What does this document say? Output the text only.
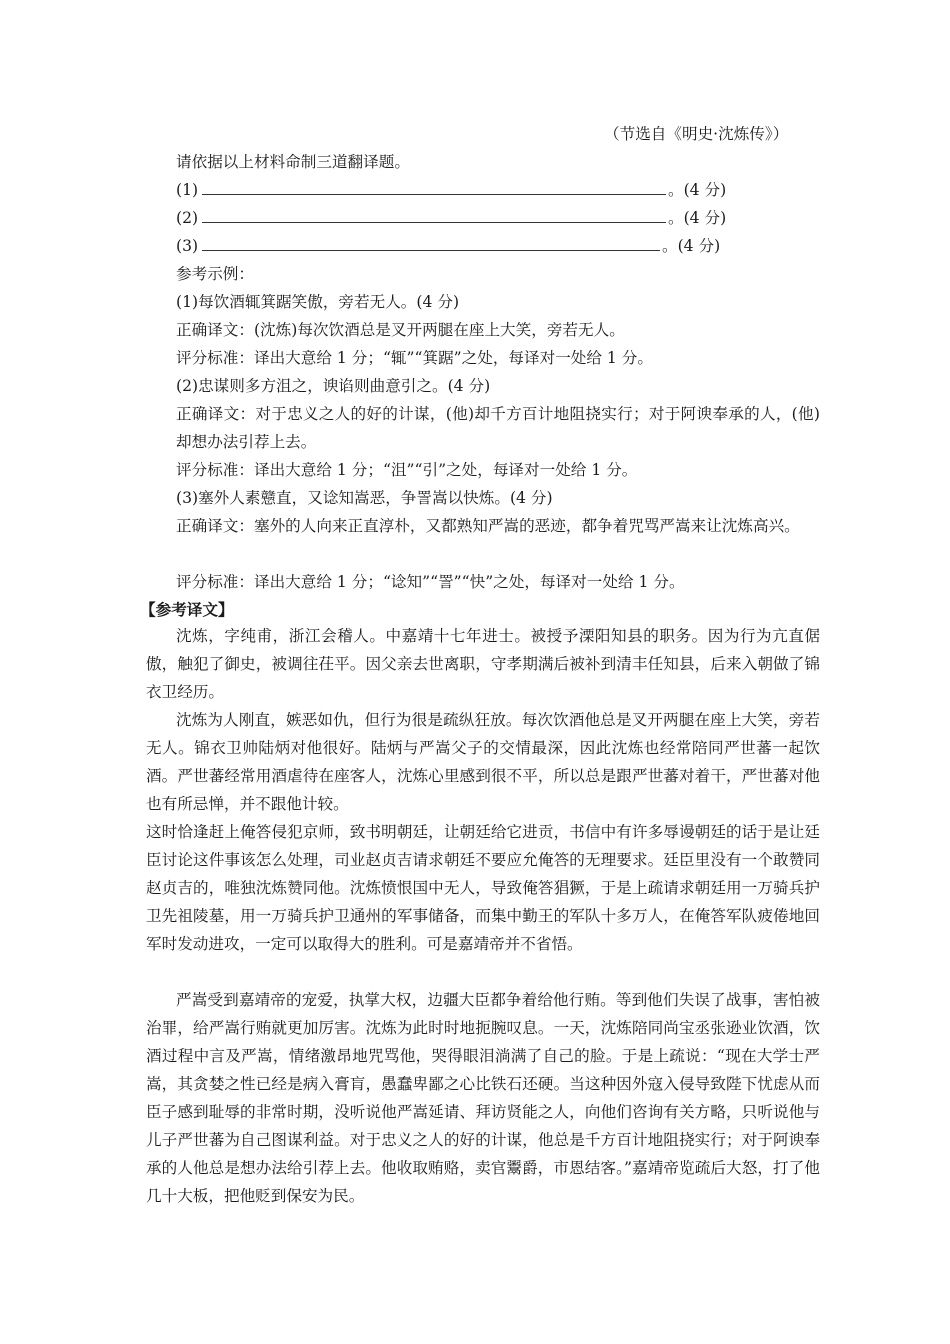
（节选自《明史·沈炼传》）
请依据以上材料命制三道翻译题。
(1)	。(4 分)
(2)	。(4 分)
(3)	。(4 分)
参考示例：
(1)每饮酒辄箕踞笑傲，旁若无人。(4 分)
正确译文：(沈炼)每次饮酒总是叉开两腿在座上大笑，旁若无人。
评分标准：译出大意给 1 分；“辄”“箕踞”之处，每译对一处给 1 分。
(2)忠谋则多方沮之，谀谄则曲意引之。(4 分)
正确译文：对于忠义之人的好的计谋，(他)却千方百计地阻挠实行；对于阿谀奉承的人，(他)却想办法引荐上去。
评分标准：译出大意给 1 分；“沮”“引”之处，每译对一处给 1 分。
(3)塞外人素戆直，又谂知嵩恶，争詈嵩以快炼。(4 分)
正确译文：塞外的人向来正直淳朴，又都熟知严嵩的恶迹，都争着咒骂严嵩来让沈炼高兴。
评分标准：译出大意给 1 分；“谂知”“詈”“快”之处，每译对一处给 1 分。
【参考译文】
沈炼，字纯甫，浙江会稽人。中嘉靖十七年进士。被授予溧阳知县的职务。因为行为亢直倨傲，触犯了御史，被调往茌平。因父亲去世离职，守孝期满后被补到清丰任知县，后来入朝做了锦衣卫经历。
沈炼为人刚直，嫉恶如仇，但行为很是疏纵狂放。每次饮酒他总是叉开两腿在座上大笑，旁若无人。锦衣卫帅陆炳对他很好。陆炳与严嵩父子的交情最深，因此沈炼也经常陪同严世蕃一起饮酒。严世蕃经常用酒虐待在座客人，沈炼心里感到很不平，所以总是跟严世蕃对着干，严世蕃对他也有所忌惮，并不跟他计较。
这时恰逢赶上俺答侵犯京师，致书明朝廷，让朝廷给它进贡，书信中有许多辱谩朝廷的话于是让廷臣讨论这件事该怎么处理，司业赵贞吉请求朝廷不要应允俺答的无理要求。廷臣里没有一个敢赞同赵贞吉的，唯独沈炼赞同他。沈炼愤恨国中无人，导致俺答猖獗，于是上疏请求朝廷用一万骑兵护卫先祖陵墓，用一万骑兵护卫通州的军事储备，而集中勤王的军队十多万人，在俺答军队疲倦地回军时发动进攻，一定可以取得大的胜利。可是嘉靖帝并不省悟。
严嵩受到嘉靖帝的宠爱，执掌大权，边疆大臣都争着给他行贿。等到他们失误了战事，害怕被治罪，给严嵩行贿就更加厉害。沈炼为此时时地扼腕叹息。一天，沈炼陪同尚宝丞张逊业饮酒，饮酒过程中言及严嵩，情绪激昂地咒骂他，哭得眼泪淌满了自己的脸。于是上疏说：“现在大学士严嵩，其贪婪之性已经是病入膏肓，愚蠢卑鄙之心比铁石还硬。当这种因外寇入侵导致陛下忧虑从而臣子感到耻辱的非常时期，没听说他严嵩延请、拜访贤能之人，向他们咨询有关方略，只听说他与儿子严世蕃为自己图谋利益。对于忠义之人的好的计谋，他总是千方百计地阻挠实行；对于阿谀奉承的人他总是想办法给引荐上去。他收取贿赂，卖官鬻爵，市恩结客。”嘉靖帝览疏后大怒，打了他几十大板，把他贬到保安为民。
